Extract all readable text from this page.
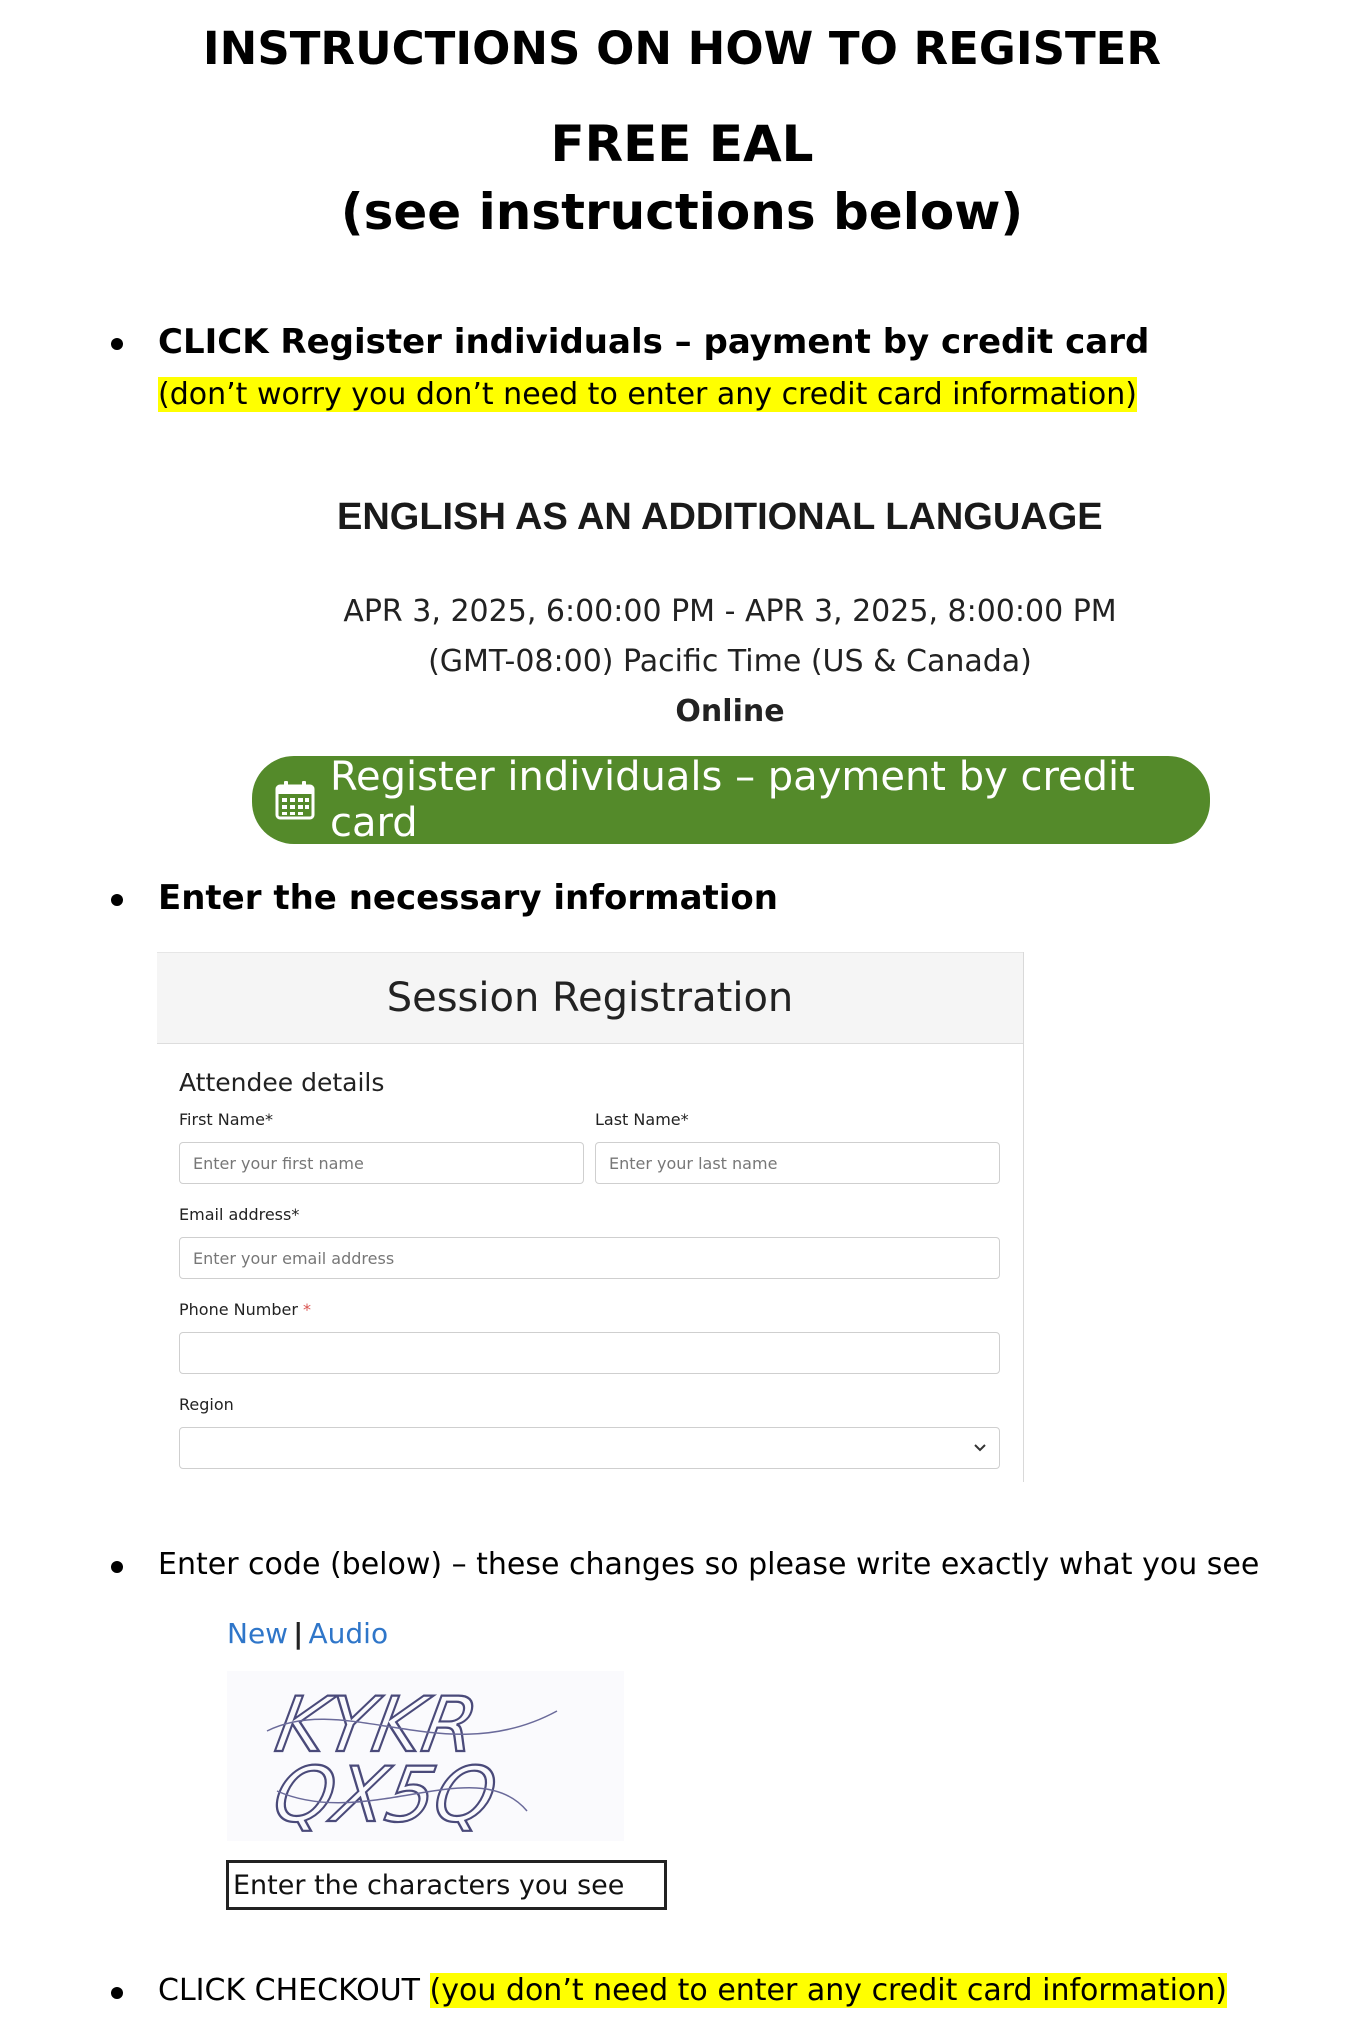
INSTRUCTIONS ON HOW TO REGISTER
FREE EAL
(see instructions below)
CLICK Register individuals – payment by credit card
(don’t worry you don’t need to enter any credit card information)
ENGLISH AS AN ADDITIONAL LANGUAGE
APR 3, 2025, 6:00:00 PM - APR 3, 2025, 8:00:00 PM
(GMT-08:00) Pacific Time (US & Canada)
Online
Register individuals – payment by credit card
Enter the necessary information
Session Registration
Attendee details
First Name*
Enter your first name
Last Name*
Enter your last name
Email address*
Enter your email address
Phone Number *
Region
Enter code (below) – these changes so please write exactly what you see
New | Audio
KYKR
QX5Q
Enter the characters you see
CLICK CHECKOUT (you don’t need to enter any credit card information)
